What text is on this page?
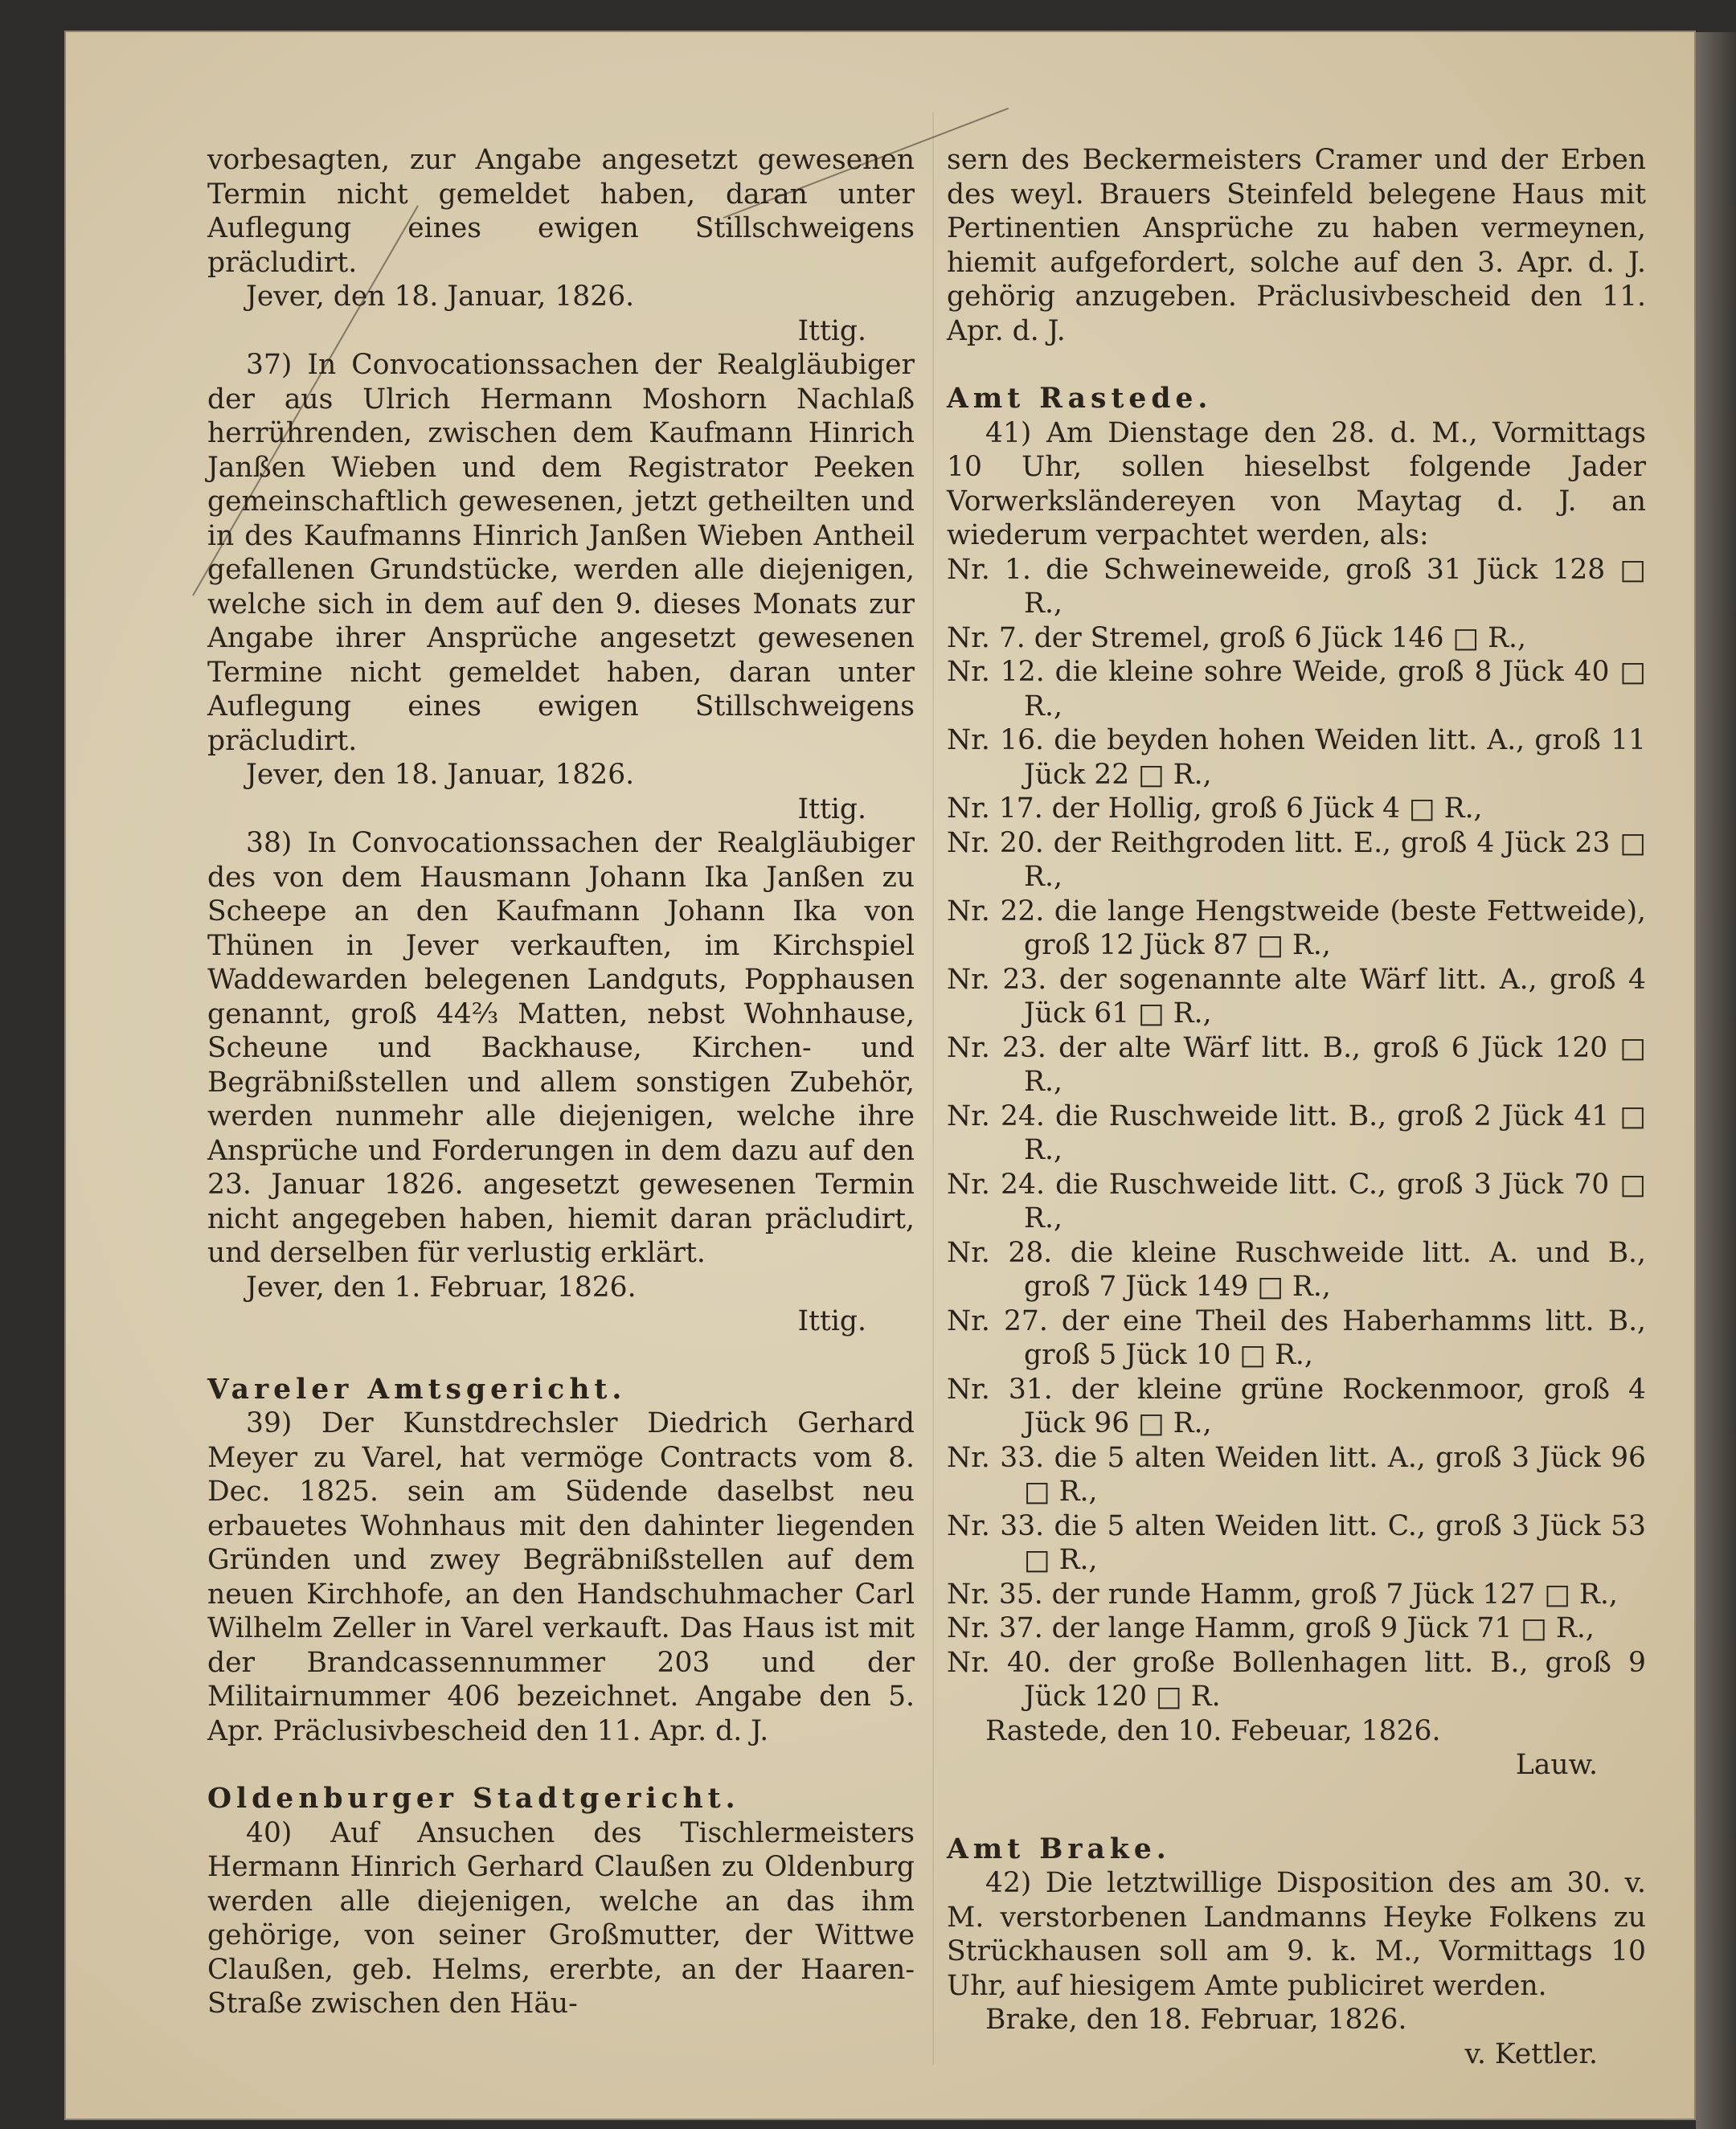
vorbesagten, zur Angabe angesetzt gewesenen Termin nicht gemeldet haben, daran unter Auflegung eines ewigen Stillschweigens präcludirt.

Jever, den 18. Januar, 1826.

Ittig.

37) In Convocationssachen der Realgläubiger der aus Ulrich Hermann Moshorn Nachlaß herrührenden, zwischen dem Kaufmann Hinrich Janßen Wieben und dem Registrator Peeken gemeinschaftlich gewesenen, jetzt getheilten und in des Kaufmanns Hinrich Janßen Wieben Antheil gefallenen Grundstücke, werden alle diejenigen, welche sich in dem auf den 9. dieses Monats zur Angabe ihrer Ansprüche angesetzt gewesenen Termine nicht gemeldet haben, daran unter Auflegung eines ewigen Stillschweigens präcludirt.

Jever, den 18. Januar, 1826.

Ittig.

38) In Convocationssachen der Realgläubiger des von dem Hausmann Johann Ika Janßen zu Scheepe an den Kaufmann Johann Ika von Thünen in Jever verkauften, im Kirchspiel Waddewarden belegenen Landguts, Popphausen genannt, groß 44⅔ Matten, nebst Wohnhause, Scheune und Backhause, Kirchen- und Begräbnißstellen und allem sonstigen Zubehör, werden nunmehr alle diejenigen, welche ihre Ansprüche und Forderungen in dem dazu auf den 23. Januar 1826. angesetzt gewesenen Termin nicht angegeben haben, hiemit daran präcludirt, und derselben für verlustig erklärt.

Jever, den 1. Februar, 1826.

Ittig.

Vareler Amtsgericht.

39) Der Kunstdrechsler Diedrich Gerhard Meyer zu Varel, hat vermöge Contracts vom 8. Dec. 1825. sein am Südende daselbst neu erbauetes Wohnhaus mit den dahinter liegenden Gründen und zwey Begräbnißstellen auf dem neuen Kirchhofe, an den Handschuhmacher Carl Wilhelm Zeller in Varel verkauft. Das Haus ist mit der Brandcassennummer 203 und der Militairnummer 406 bezeichnet. Angabe den 5. Apr. Präclusivbescheid den 11. Apr. d. J.

Oldenburger Stadtgericht.

40) Auf Ansuchen des Tischlermeisters Hermann Hinrich Gerhard Claußen zu Oldenburg werden alle diejenigen, welche an das ihm gehörige, von seiner Großmutter, der Wittwe Claußen, geb. Helms, ererbte, an der Haaren-Straße zwischen den Häu-

sern des Beckermeisters Cramer und der Erben des weyl. Brauers Steinfeld belegene Haus mit Pertinentien Ansprüche zu haben vermeynen, hiemit aufgefordert, solche auf den 3. Apr. d. J. gehörig anzugeben. Präclusivbescheid den 11. Apr. d. J.

Amt Rastede.

41) Am Dienstage den 28. d. M., Vormittags 10 Uhr, sollen hieselbst folgende Jader Vorwerksländereyen von Maytag d. J. an wiederum verpachtet werden, als:

Nr. 1. die Schweineweide, groß 31 Jück 128 □ R.,

Nr. 7. der Stremel, groß 6 Jück 146 □ R.,

Nr. 12. die kleine sohre Weide, groß 8 Jück 40 □ R.,

Nr. 16. die beyden hohen Weiden litt. A., groß 11 Jück 22 □ R.,

Nr. 17. der Hollig, groß 6 Jück 4 □ R.,

Nr. 20. der Reithgroden litt. E., groß 4 Jück 23 □ R.,

Nr. 22. die lange Hengstweide (beste Fettweide), groß 12 Jück 87 □ R.,

Nr. 23. der sogenannte alte Wärf litt. A., groß 4 Jück 61 □ R.,

Nr. 23. der alte Wärf litt. B., groß 6 Jück 120 □ R.,

Nr. 24. die Ruschweide litt. B., groß 2 Jück 41 □ R.,

Nr. 24. die Ruschweide litt. C., groß 3 Jück 70 □ R.,

Nr. 28. die kleine Ruschweide litt. A. und B., groß 7 Jück 149 □ R.,

Nr. 27. der eine Theil des Haberhamms litt. B., groß 5 Jück 10 □ R.,

Nr. 31. der kleine grüne Rockenmoor, groß 4 Jück 96 □ R.,

Nr. 33. die 5 alten Weiden litt. A., groß 3 Jück 96 □ R.,

Nr. 33. die 5 alten Weiden litt. C., groß 3 Jück 53 □ R.,

Nr. 35. der runde Hamm, groß 7 Jück 127 □ R.,

Nr. 37. der lange Hamm, groß 9 Jück 71 □ R.,

Nr. 40. der große Bollenhagen litt. B., groß 9 Jück 120 □ R.

Rastede, den 10. Febeuar, 1826.

Lauw.

Amt Brake.

42) Die letztwillige Disposition des am 30. v. M. verstorbenen Landmanns Heyke Folkens zu Strückhausen soll am 9. k. M., Vormittags 10 Uhr, auf hiesigem Amte publiciret werden.

Brake, den 18. Februar, 1826.

v. Kettler.
